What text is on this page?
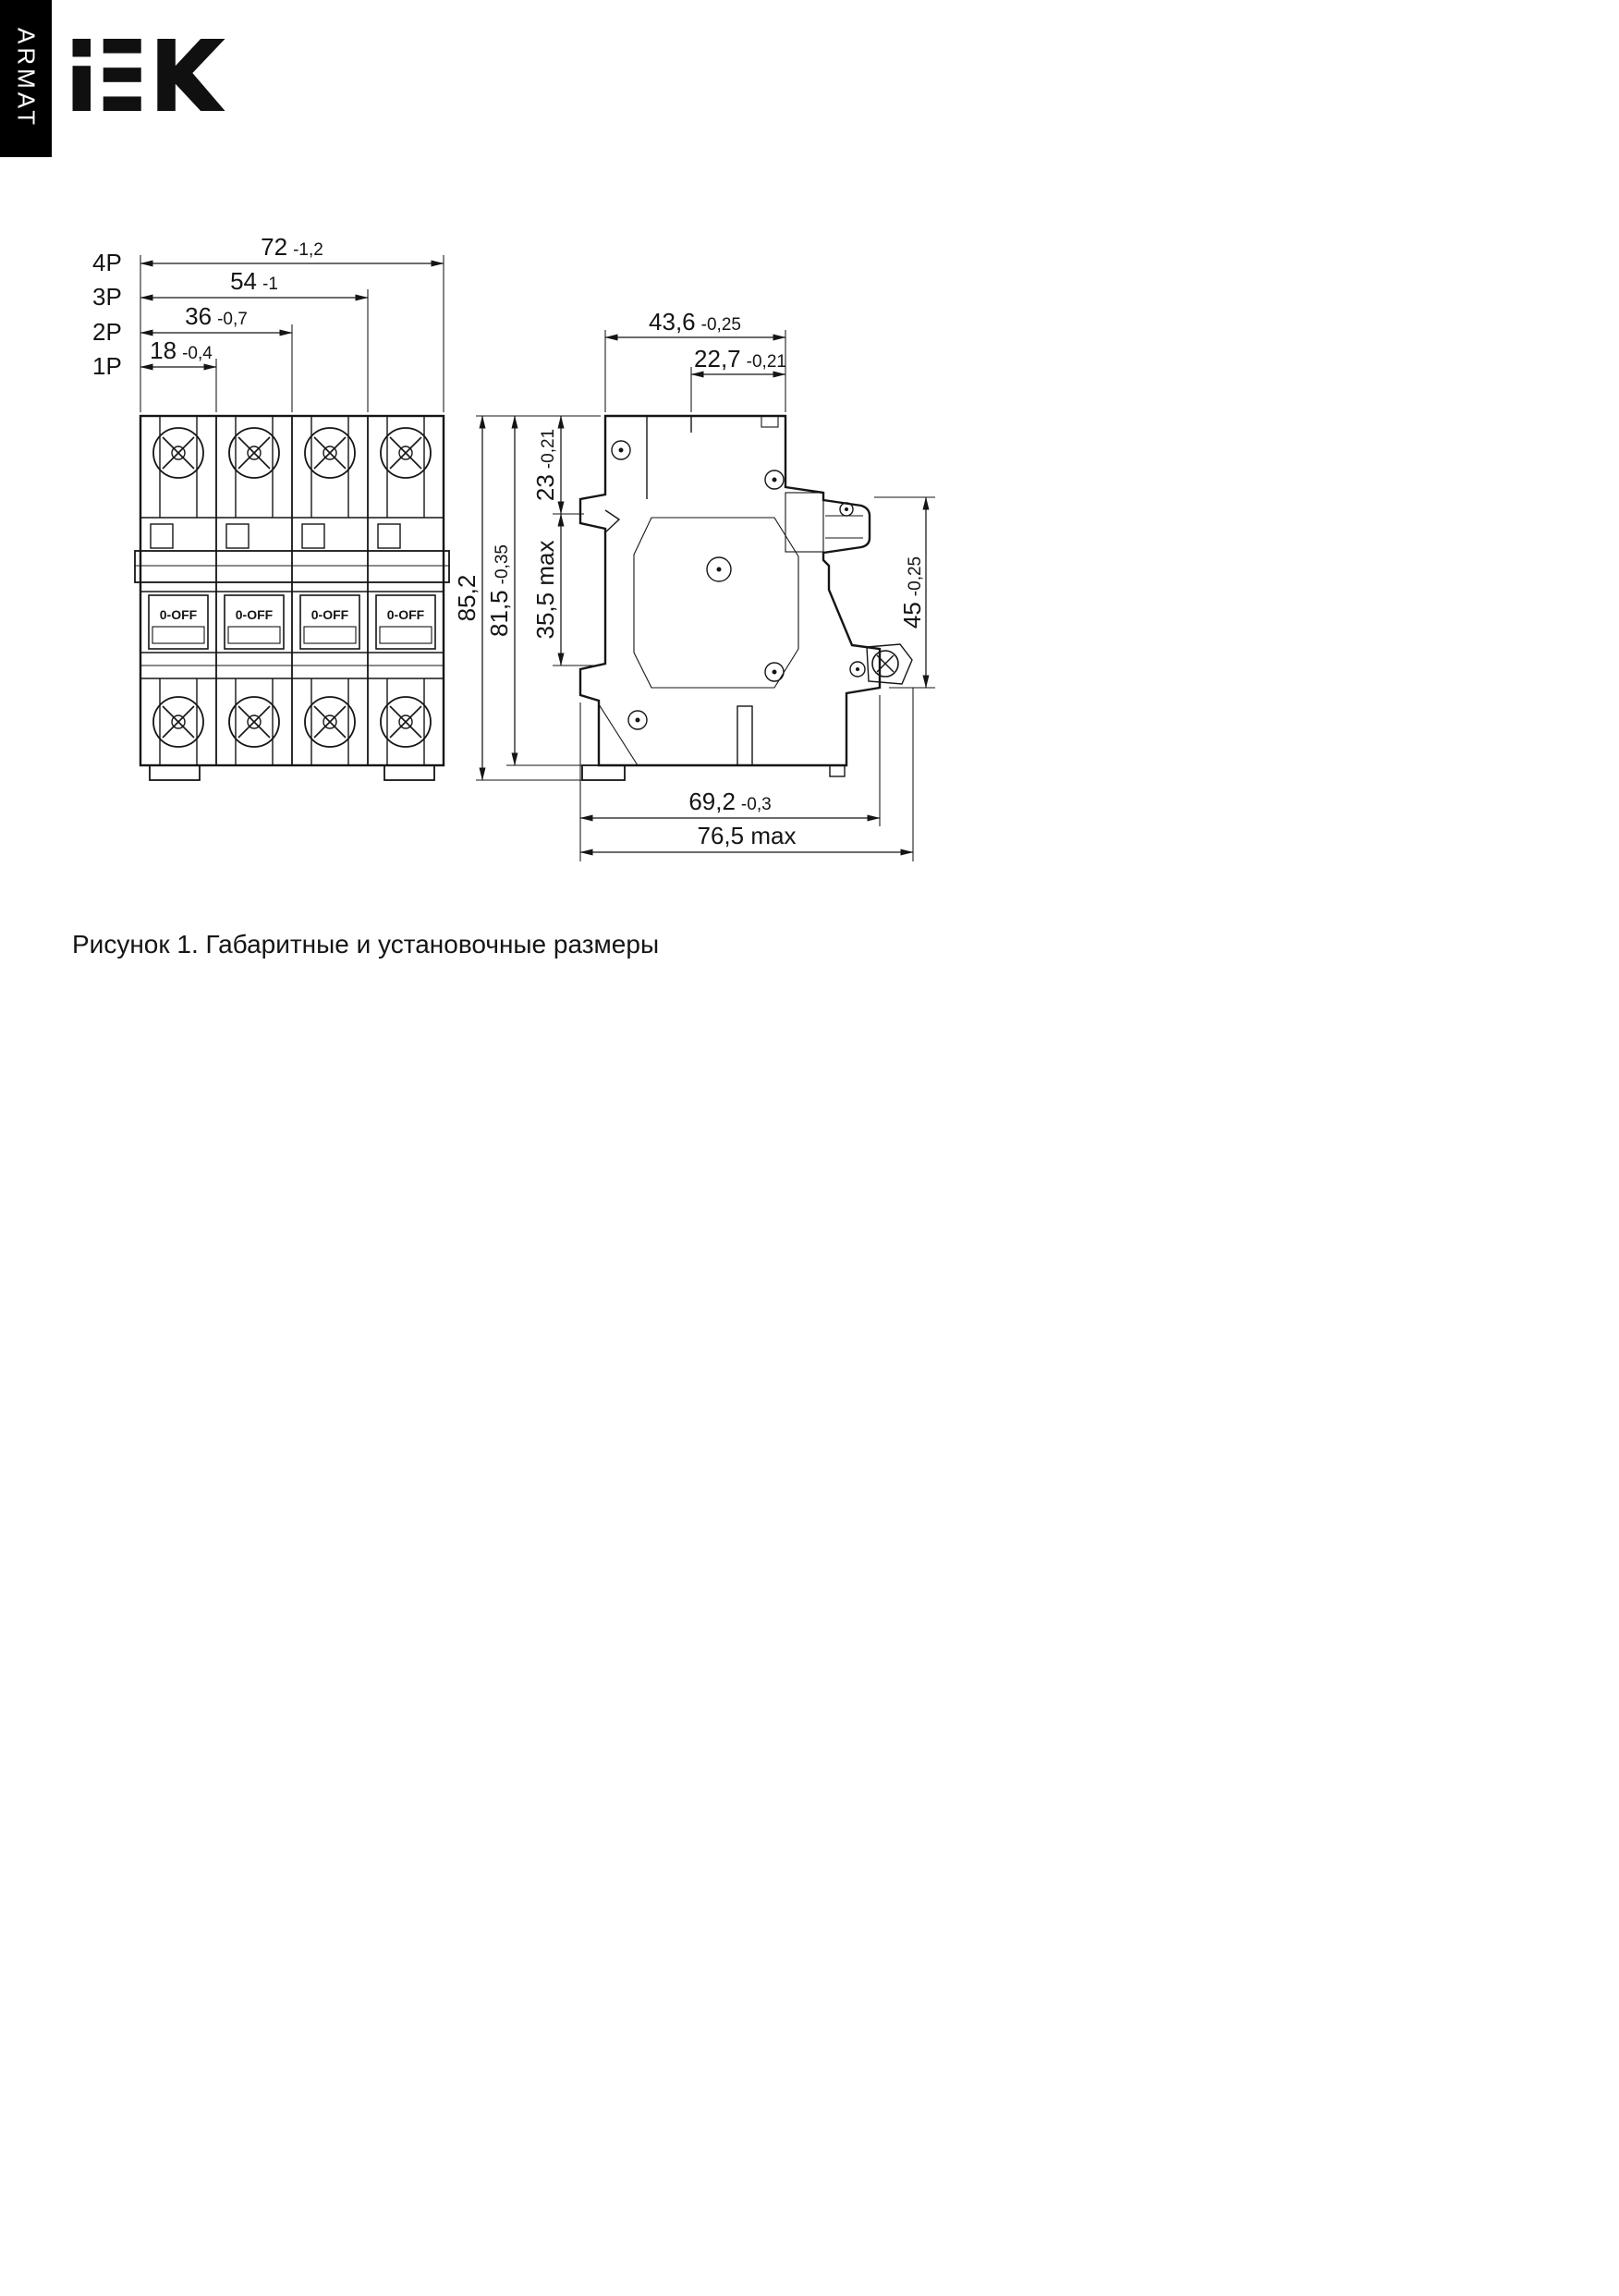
ARMAT
4P
3P
2P
1P
72 -1,2
54 -1
36 -0,7
18 -0,4
0-OFF	0-OFF	0-OFF	0-OFF
43,6 -0,25
22,7 -0,21
85,2 81,5-0,35
23-0,21
35,5 max	45-0,25
69,2 -0,3
76,5 max
Рисунок 1. Габаритные и установочные размеры
